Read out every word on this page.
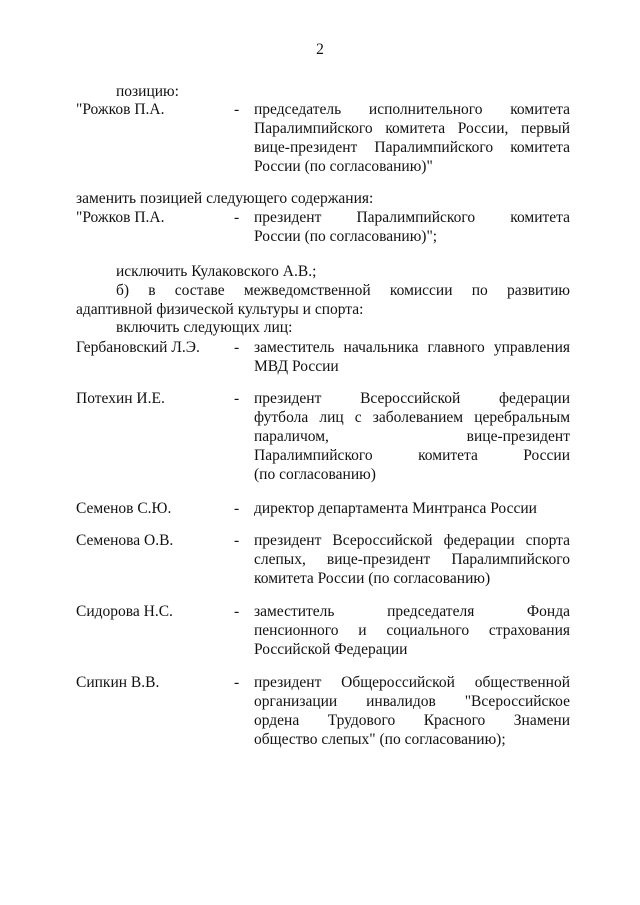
2
позицию:
"Рожков П.А.	- председатель исполнительного комитета
Паралимпийского комитета России, первый
вице-президент Паралимпийского комитета
России (по согласованию)"
заменить позицией следующего содержания:
"Рожков П.А.	- президент Паралимпийского комитета
России (по согласованию)";
исключить Кулаковского А.В.;
б) в составе межведомственной комиссии по развитию
адаптивной физической культуры и спорта:
включить следующих лиц:
Гербановский Л.Э. - заместитель начальника главного управления
МВД России
Потехин И.Е.	- президент Всероссийской федерации
футбола лиц с заболеванием церебральным
параличом, вице-президент
Паралимпийского комитета России
(по согласованию)
Семенов С.Ю.	- директор департамента Минтранса России
Семенова О.В.	- президент Всероссийской федерации спорта
слепых, вице-президент Паралимпийского
комитета России (по согласованию)
Сидорова Н.С.	- заместитель председателя Фонда
пенсионного и социального страхования
Российской Федерации
Сипкин В.В.	- президент Общероссийской общественной
организации инвалидов "Всероссийское
ордена Трудового Красного Знамени
общество слепых" (по согласованию);
